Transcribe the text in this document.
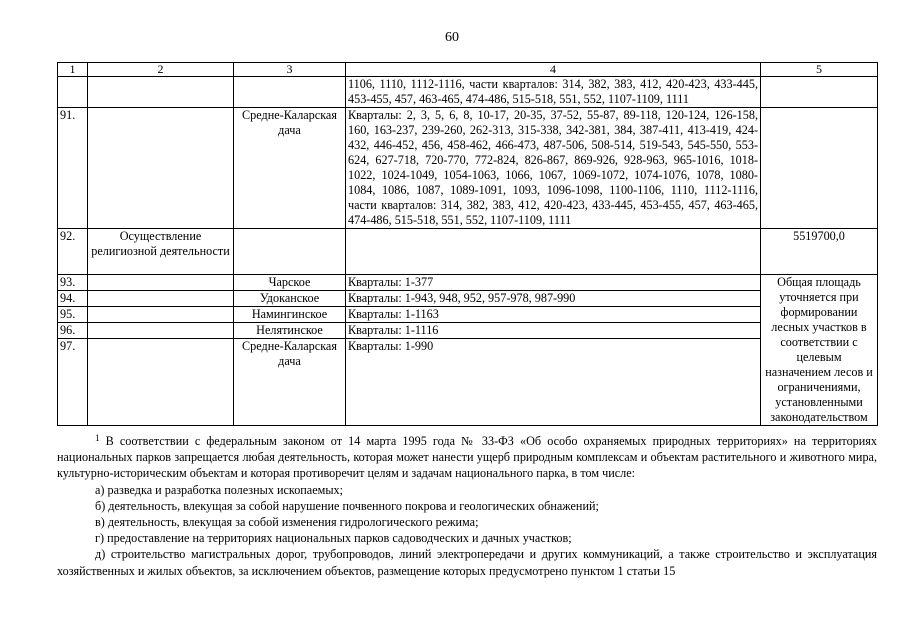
60
1	2	3	4	5
			1106, 1110, 1112-1116, части кварталов: 314, 382, 383, 412, 420-423, 433-445, 453-455, 457, 463-465, 474-486, 515-518, 551, 552, 1107-1109, 1111	
91.		Средне-Каларская дача	Кварталы: 2, 3, 5, 6, 8, 10-17, 20-35, 37-52, 55-87, 89-118, 120-124, 126-158, 160, 163-237, 239-260, 262-313, 315-338, 342-381, 384, 387-411, 413-419, 424-432, 446-452, 456, 458-462, 466-473, 487-506, 508-514, 519-543, 545-550, 553-624, 627-718, 720-770, 772-824, 826-867, 869-926, 928-963, 965-1016, 1018-1022, 1024-1049, 1054-1063, 1066, 1067, 1069-1072, 1074-1076, 1078, 1080-1084, 1086, 1087, 1089-1091, 1093, 1096-1098, 1100-1106, 1110, 1112-1116, части кварталов: 314, 382, 383, 412, 420-423, 433-445, 453-455, 457, 463-465, 474-486, 515-518, 551, 552, 1107-1109, 1111	
92.	Осуществление религиозной деятельности			5519700,0
93.		Чарское	Кварталы: 1-377	Общая площадь уточняется при формировании лесных участков в соответствии с целевым назначением лесов и ограничениями, установленными законодательством
94.		Удоканское	Кварталы: 1-943, 948, 952, 957-978, 987-990	
95.		Намингинское	Кварталы: 1-1163	
96.		Нелятинское	Кварталы: 1-1116	
97.		Средне-Каларская дача	Кварталы: 1-990	

$^1$ В соответствии с федеральным законом от 14 марта 1995 года № 33-ФЗ «Об особо охраняемых природных территориях» на территориях национальных парков запрещается любая деятельность, которая может нанести ущерб природным комплексам и объектам растительного и животного мира, культурно-историческим объектам и которая противоречит целям и задачам национального парка, в том числе:

а) разведка и разработка полезных ископаемых;

б) деятельность, влекущая за собой нарушение почвенного покрова и геологических обнажений;

в) деятельность, влекущая за собой изменения гидрологического режима;

г) предоставление на территориях национальных парков садоводческих и дачных участков;

д) строительство магистральных дорог, трубопроводов, линий электропередачи и других коммуникаций, а также строительство и эксплуатация хозяйственных и жилых объектов, за исключением объектов, размещение которых предусмотрено пунктом 1 статьи 15
